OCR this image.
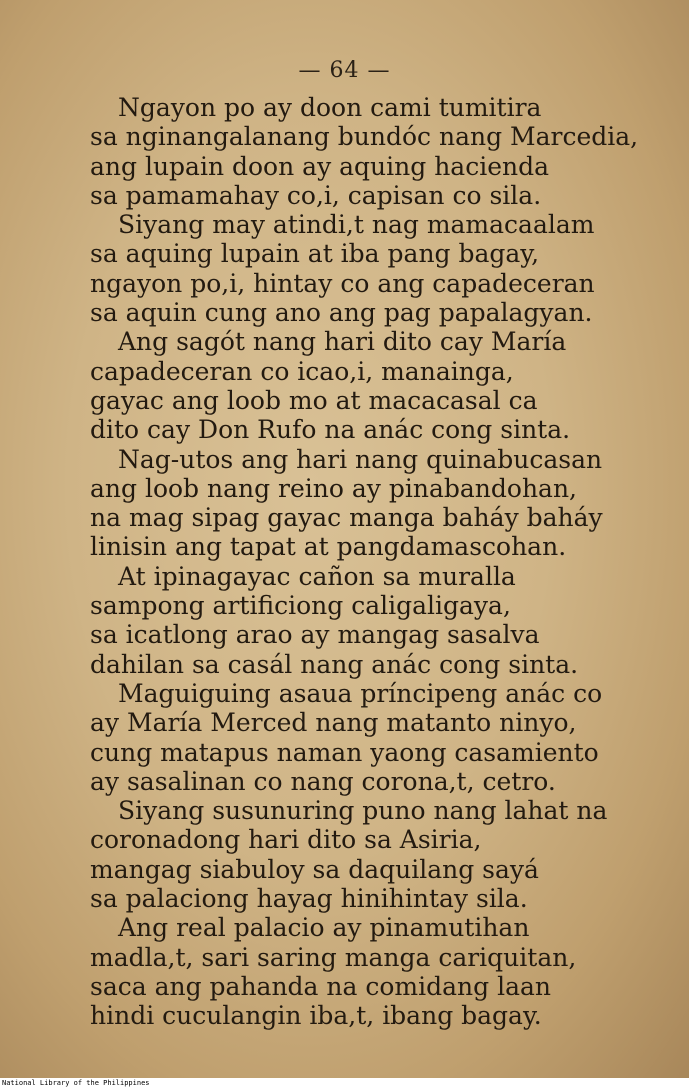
— 64 —
Ngayon po ay doon cami tumitira
sa nginangalanang bundóc nang Marcedia,
ang lupain doon ay aquing hacienda
sa pamamahay co,i, capisan co sila.
Siyang may atindi,t nag mamacaalam
sa aquing lupain at iba pang bagay,
ngayon po,i, hintay co ang capadeceran
sa aquin cung ano ang pag papalagyan.
Ang sagót nang hari dito cay María
capadeceran co icao,i, manainga,
gayac ang loob mo at macacasal ca
dito cay Don Rufo na anác cong sinta.
Nag-utos ang hari nang quinabucasan
ang loob nang reino ay pinabandohan,
na mag sipag gayac manga baháy baháy
linisin ang tapat at pangdamascohan.
At ipinagayac cañon sa muralla
sampong artificiong caligaligaya,
sa icatlong arao ay mangag sasalva
dahilan sa casál nang anác cong sinta.
Maguiguing asaua príncipeng anác co
ay María Merced nang matanto ninyo,
cung matapus naman yaong casamiento
ay sasalinan co nang corona,t, cetro.
Siyang susunuring puno nang lahat na
coronadong hari dito sa Asiria,
mangag siabuloy sa daquilang sayá
sa palaciong hayag hinihintay sila.
Ang real palacio ay pinamutihan
madla,t, sari saring manga cariquitan,
saca ang pahanda na comidang laan
hindi cuculangin iba,t, ibang bagay.
National Library of the Philippines
